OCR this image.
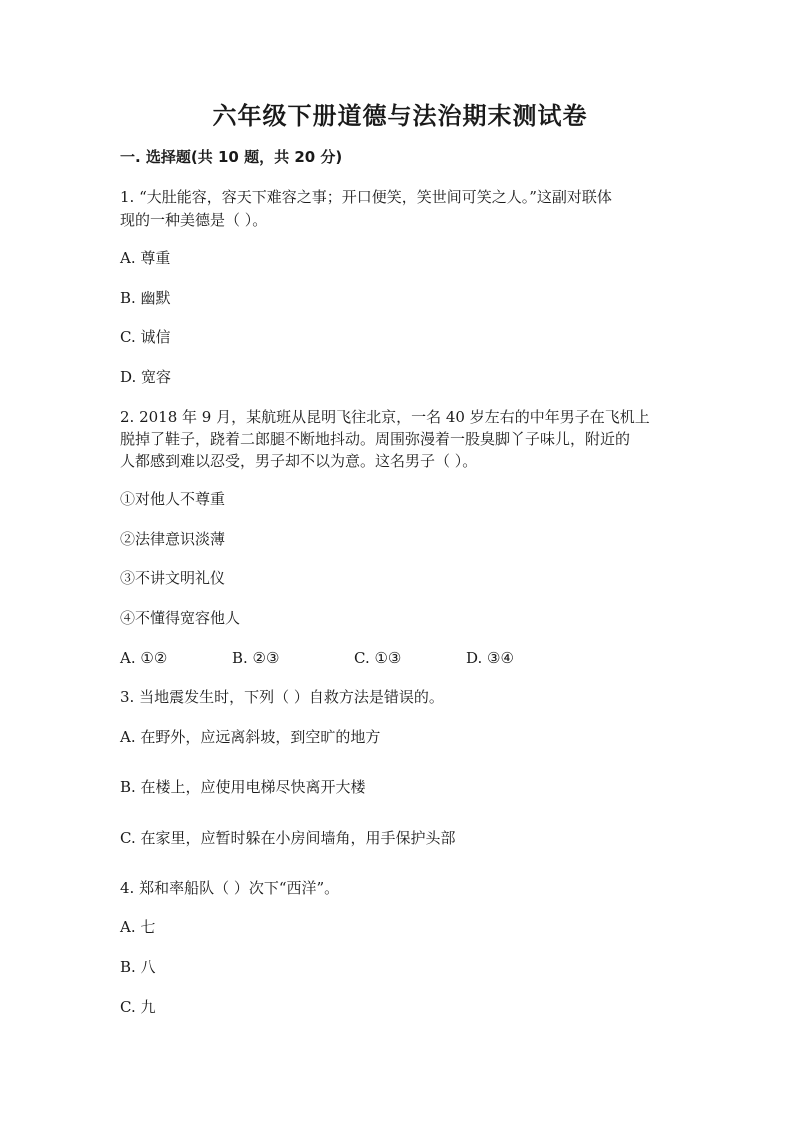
六年级下册道德与法治期末测试卷
一. 选择题(共 10 题，共 20 分)
1. “大肚能容，容天下难容之事；开口便笑，笑世间可笑之人。”这副对联体
现的一种美德是（ ）。
A. 尊重
B. 幽默
C. 诚信
D. 宽容
2. 2018 年 9 月，某航班从昆明飞往北京，一名 40 岁左右的中年男子在飞机上
脱掉了鞋子，跷着二郎腿不断地抖动。周围弥漫着一股臭脚丫子味儿，附近的
人都感到难以忍受，男子却不以为意。这名男子（ ）。
①对他人不尊重
②法律意识淡薄
③不讲文明礼仪
④不懂得宽容他人
A. ①②	B. ②③	C. ①③	D. ③④
3. 当地震发生时，下列（ ）自救方法是错误的。
A. 在野外，应远离斜坡，到空旷的地方
B. 在楼上，应使用电梯尽快离开大楼
C. 在家里，应暂时躲在小房间墙角，用手保护头部
4. 郑和率船队（ ）次下“西洋”。
A. 七
B. 八
C. 九
